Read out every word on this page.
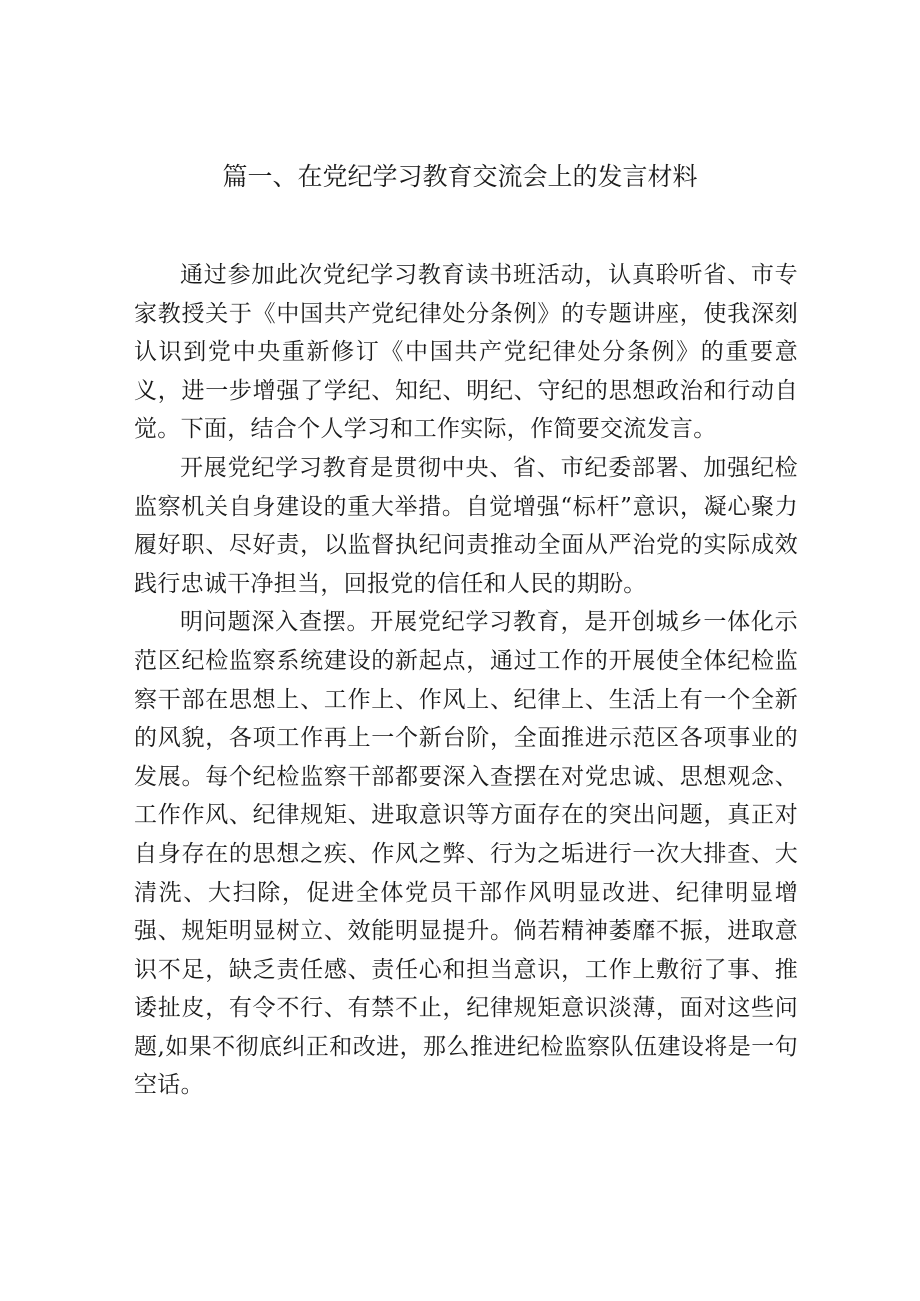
篇一、在党纪学习教育交流会上的发言材料

通过参加此次党纪学习教育读书班活动，认真聆听省、市专家教授关于《中国共产党纪律处分条例》的专题讲座，使我深刻认识到党中央重新修订《中国共产党纪律处分条例》的重要意义，进一步增强了学纪、知纪、明纪、守纪的思想政治和行动自觉。下面，结合个人学习和工作实际，作简要交流发言。

开展党纪学习教育是贯彻中央、省、市纪委部署、加强纪检监察机关自身建设的重大举措。自觉增强“标杆”意识，凝心聚力履好职、尽好责，以监督执纪问责推动全面从严治党的实际成效践行忠诚干净担当，回报党的信任和人民的期盼。

明问题深入查摆。开展党纪学习教育，是开创城乡一体化示范区纪检监察系统建设的新起点，通过工作的开展使全体纪检监察干部在思想上、工作上、作风上、纪律上、生活上有一个全新的风貌，各项工作再上一个新台阶，全面推进示范区各项事业的发展。每个纪检监察干部都要深入查摆在对党忠诚、思想观念、工作作风、纪律规矩、进取意识等方面存在的突出问题，真正对自身存在的思想之疾、作风之弊、行为之垢进行一次大排查、大清洗、大扫除，促进全体党员干部作风明显改进、纪律明显增强、规矩明显树立、效能明显提升。倘若精神萎靡不振，进取意识不足，缺乏责任感、责任心和担当意识，工作上敷衍了事、推诿扯皮，有令不行、有禁不止，纪律规矩意识淡薄，面对这些问题,如果不彻底纠正和改进，那么推进纪检监察队伍建设将是一句空话。
